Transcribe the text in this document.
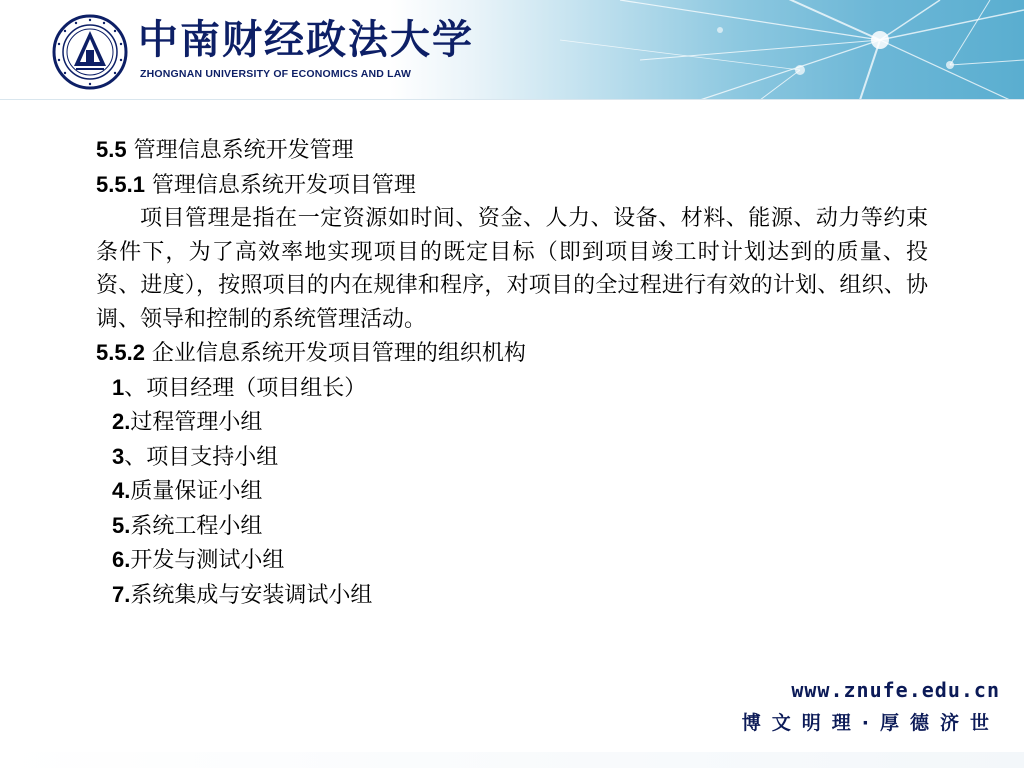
中南财经政法大学
ZHONGNAN UNIVERSITY OF ECONOMICS AND LAW

5.5 管理信息系统开发管理

5.5.1 管理信息系统开发项目管理

项目管理是指在一定资源如时间、资金、人力、设备、材料、能源、动力等约束条件下，为了高效率地实现项目的既定目标（即到项目竣工时计划达到的质量、投资、进度），按照项目的内在规律和程序，对项目的全过程进行有效的计划、组织、协调、领导和控制的系统管理活动。

5.5.2 企业信息系统开发项目管理的组织机构

1、项目经理（项目组长）

2.过程管理小组

3、项目支持小组

4.质量保证小组

5.系统工程小组

6.开发与测试小组

7.系统集成与安装调试小组

www.znufe.edu.cn
博文明理·厚德济世
